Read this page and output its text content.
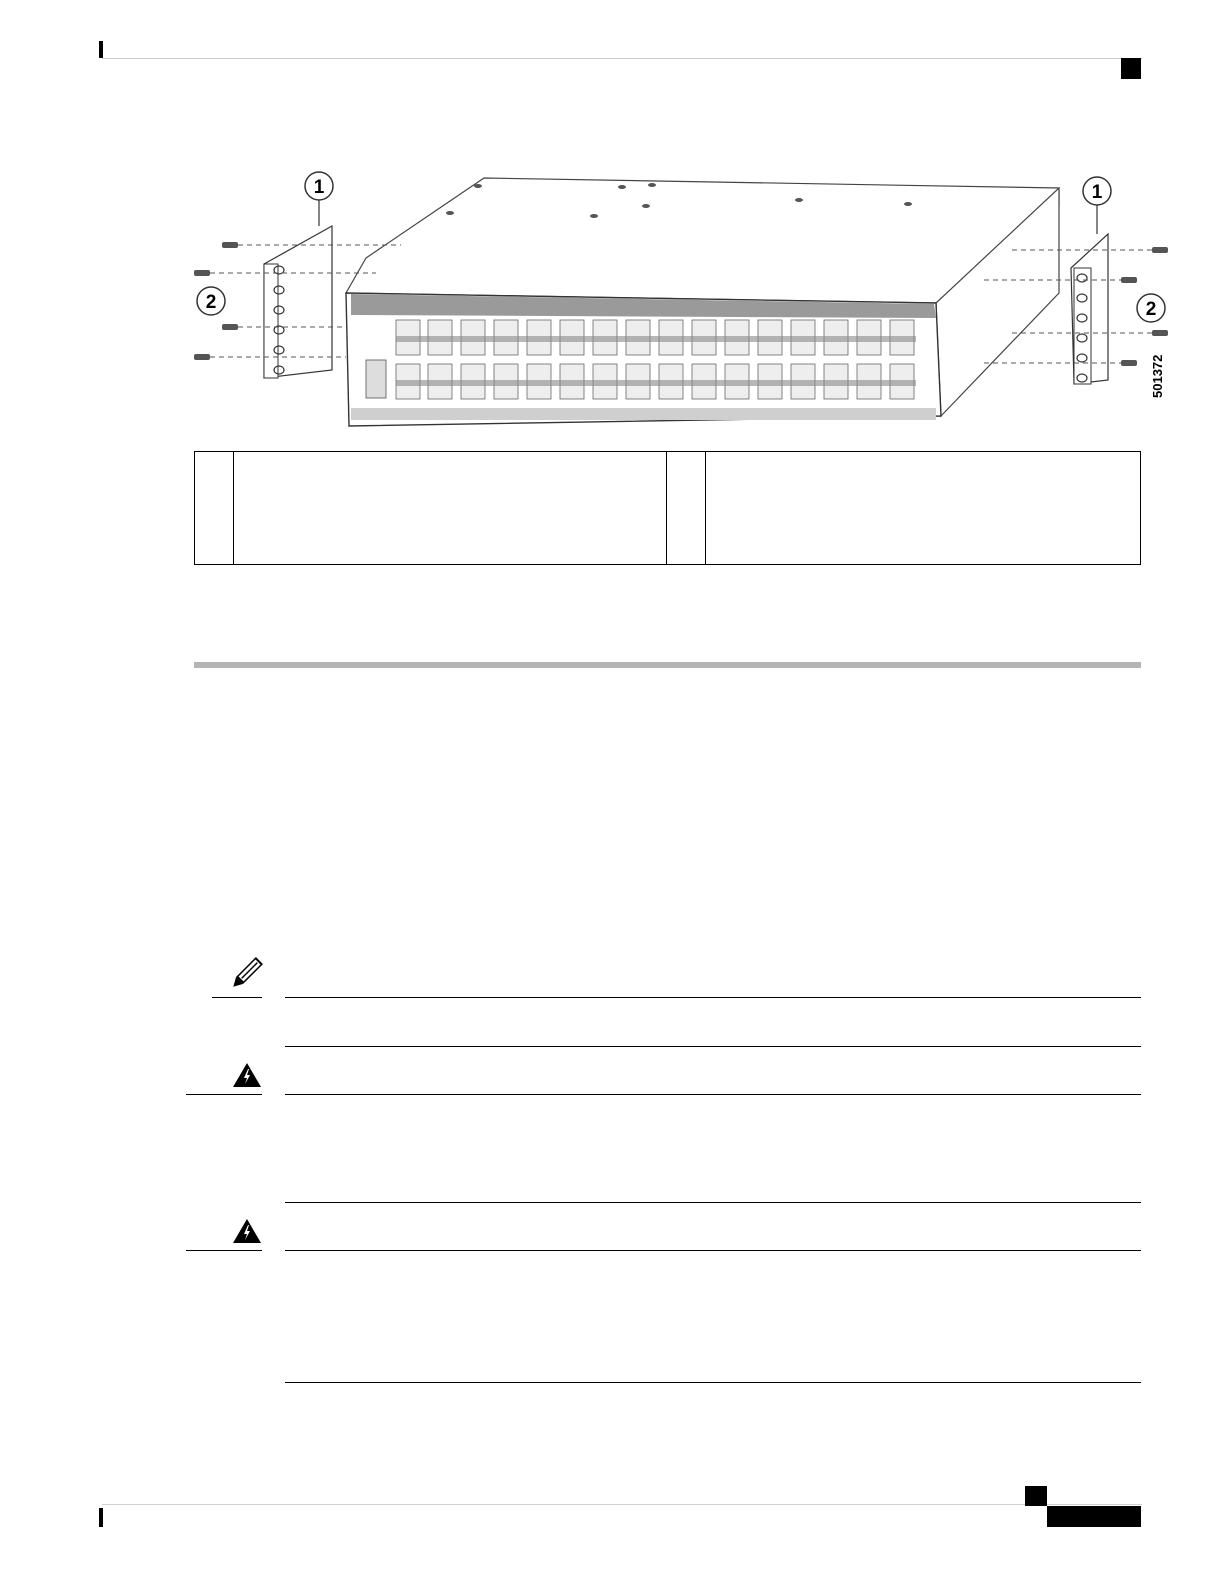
1
2
1
2
501372
